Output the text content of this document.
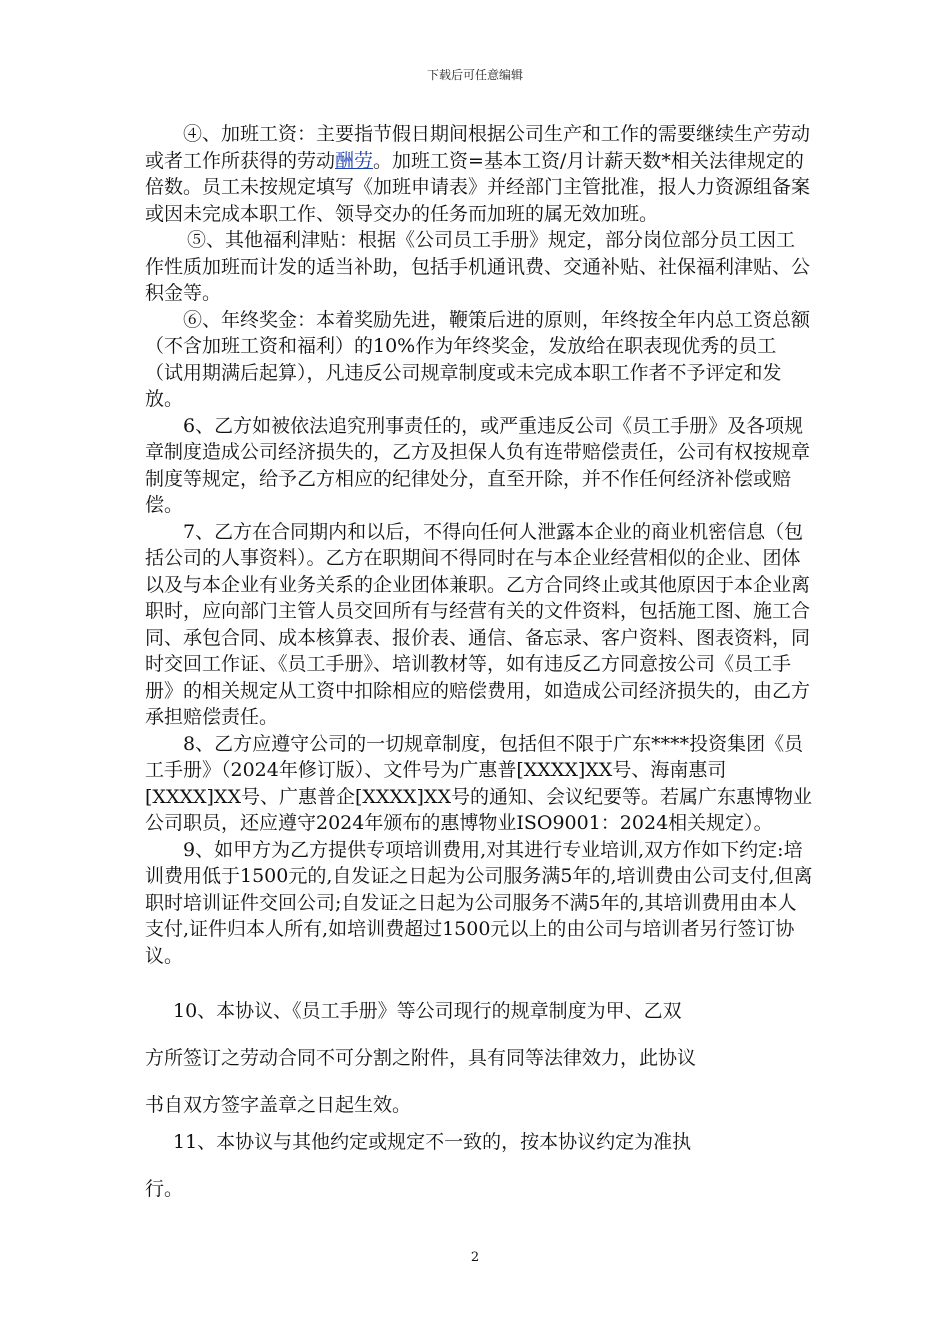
下载后可任意编辑

④、加班工资：主要指节假日期间根据公司生产和工作的需要继续生产劳动或者工作所获得的劳动酬劳。加班工资=基本工资/月计薪天数*相关法律规定的倍数。员工未按规定填写《加班申请表》并经部门主管批准，报人力资源组备案或因未完成本职工作、领导交办的任务而加班的属无效加班。

⑤、其他福利津贴：根据《公司员工手册》规定，部分岗位部分员工因工作性质加班而计发的适当补助，包括手机通讯费、交通补贴、社保福利津贴、公积金等。

⑥、年终奖金：本着奖励先进，鞭策后进的原则，年终按全年内总工资总额（不含加班工资和福利）的10%作为年终奖金，发放给在职表现优秀的员工（试用期满后起算），凡违反公司规章制度或未完成本职工作者不予评定和发放。

6、乙方如被依法追究刑事责任的，或严重违反公司《员工手册》及各项规章制度造成公司经济损失的，乙方及担保人负有连带赔偿责任，公司有权按规章制度等规定，给予乙方相应的纪律处分，直至开除，并不作任何经济补偿或赔偿。

7、乙方在合同期内和以后，不得向任何人泄露本企业的商业机密信息（包括公司的人事资料）。乙方在职期间不得同时在与本企业经营相似的企业、团体以及与本企业有业务关系的企业团体兼职。乙方合同终止或其他原因于本企业离职时，应向部门主管人员交回所有与经营有关的文件资料，包括施工图、施工合同、承包合同、成本核算表、报价表、通信、备忘录、客户资料、图表资料，同时交回工作证、《员工手册》、培训教材等，如有违反乙方同意按公司《员工手册》的相关规定从工资中扣除相应的赔偿费用，如造成公司经济损失的，由乙方承担赔偿责任。

8、乙方应遵守公司的一切规章制度，包括但不限于广东****投资集团《员工手册》（2024年修订版）、文件号为广惠普[XXXX]XX号、海南惠司[XXXX]XX号、广惠普企[XXXX]XX号的通知、会议纪要等。若属广东惠博物业公司职员，还应遵守2024年颁布的惠博物业ISO9001：2024相关规定）。

9、如甲方为乙方提供专项培训费用,对其进行专业培训,双方作如下约定:培训费用低于1500元的,自发证之日起为公司服务满5年的,培训费由公司支付,但离职时培训证件交回公司;自发证之日起为公司服务不满5年的,其培训费用由本人支付,证件归本人所有,如培训费超过1500元以上的由公司与培训者另行签订协议。

10、本协议、《员工手册》等公司现行的规章制度为甲、乙双

方所签订之劳动合同不可分割之附件，具有同等法律效力，此协议

书自双方签字盖章之日起生效。

11、本协议与其他约定或规定不一致的，按本协议约定为准执

行。

2
